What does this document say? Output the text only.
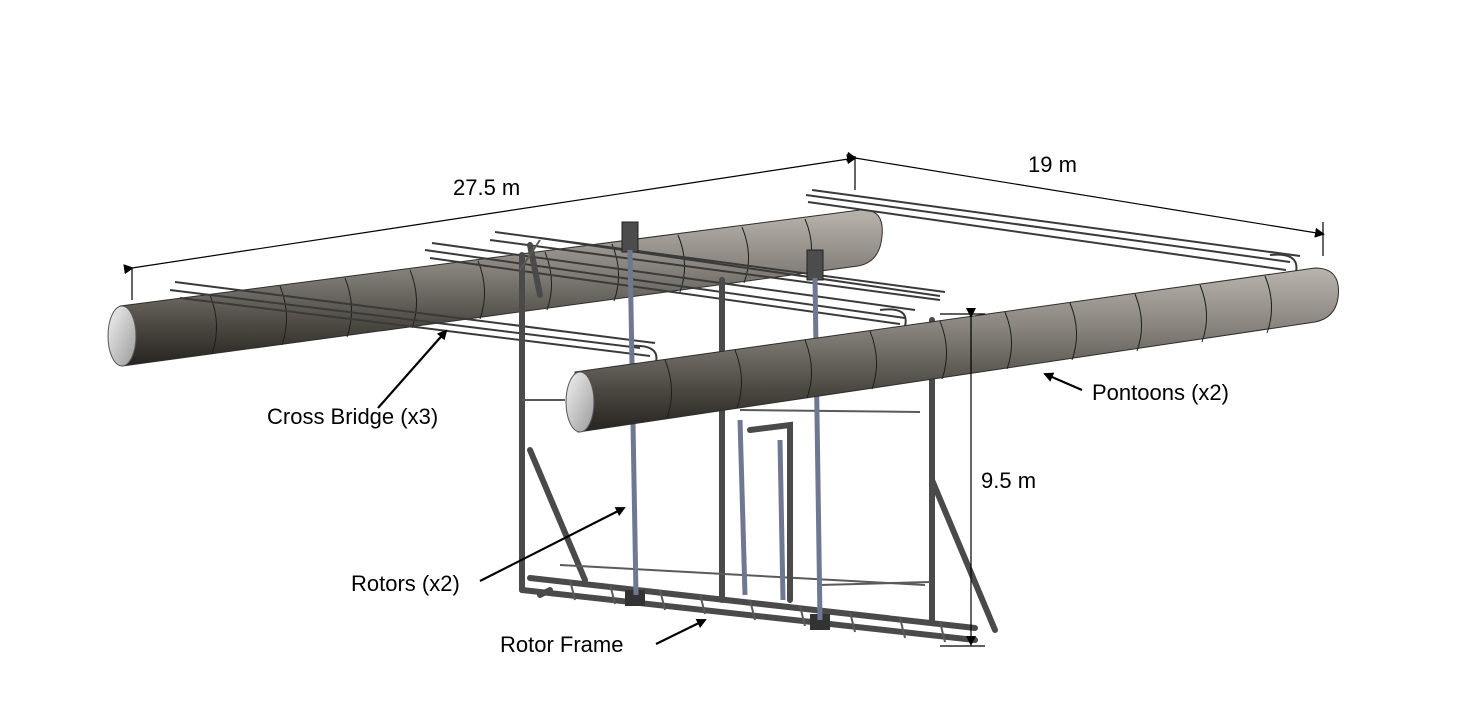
27.5 m
19 m
9.5 m
Cross Bridge (x3)
Pontoons (x2)
Rotors (x2)
Rotor Frame
